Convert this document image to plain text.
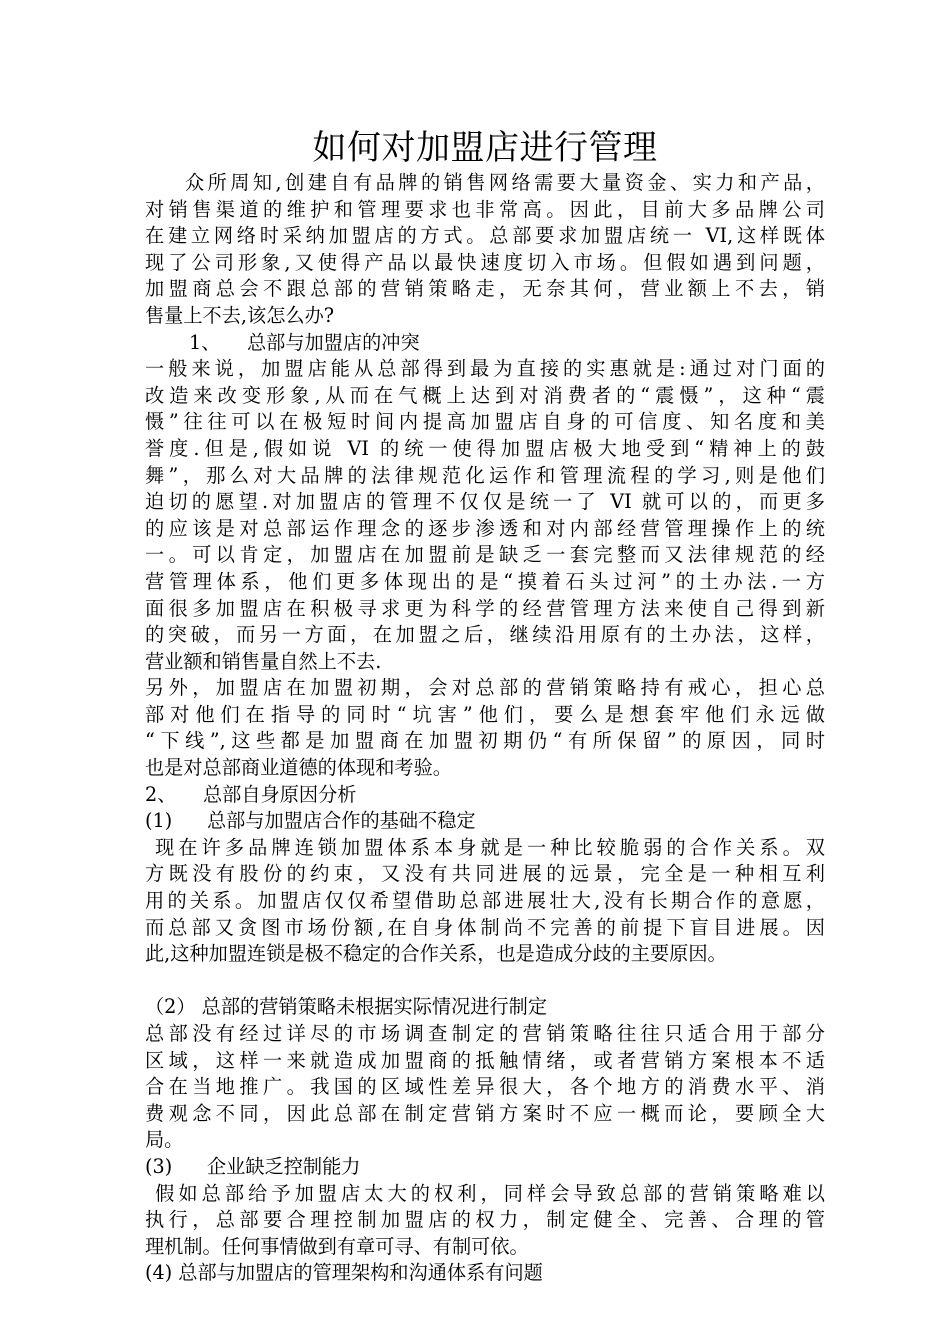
如何对加盟店进行管理
众所周知,创建自有品牌的销售网络需要大量资金、实力和产品，
对销售渠道的维护和管理要求也非常高。因此，目前大多品牌公司
在建立网络时采纳加盟店的方式。总部要求加盟店统一 VI,这样既体
现了公司形象,又使得产品以最快速度切入市场。但假如遇到问题，
加盟商总会不跟总部的营销策略走，无奈其何，营业额上不去，销
售量上不去,该怎么办?
1、 总部与加盟店的冲突
一般来说，加盟店能从总部得到最为直接的实惠就是:通过对门面的
改造来改变形象,从而在气概上达到对消费者的“震慑”，这种“震
慑”往往可以在极短时间内提高加盟店自身的可信度、知名度和美
誉度.但是,假如说 VI 的统一使得加盟店极大地受到“精神上的鼓
舞”，那么对大品牌的法律规范化运作和管理流程的学习,则是他们
迫切的愿望.对加盟店的管理不仅仅是统一了 VI 就可以的，而更多
的应该是对总部运作理念的逐步渗透和对内部经营管理操作上的统
一。可以肯定，加盟店在加盟前是缺乏一套完整而又法律规范的经
营管理体系，他们更多体现出的是“摸着石头过河”的土办法.一方
面很多加盟店在积极寻求更为科学的经营管理方法来使自己得到新
的突破，而另一方面，在加盟之后，继续沿用原有的土办法，这样，
营业额和销售量自然上不去.
另外，加盟店在加盟初期，会对总部的营销策略持有戒心，担心总
部对他们在指导的同时“坑害”他们，要么是想套牢他们永远做
“下线”,这些都是加盟商在加盟初期仍“有所保留”的原因，同时
也是对总部商业道德的体现和考验。
2、 总部自身原因分析
(1) 总部与加盟店合作的基础不稳定
现在许多品牌连锁加盟体系本身就是一种比较脆弱的合作关系。双
方既没有股份的约束，又没有共同进展的远景，完全是一种相互利
用的关系。加盟店仅仅希望借助总部进展壮大,没有长期合作的意愿，
而总部又贪图市场份额,在自身体制尚不完善的前提下盲目进展。因
此,这种加盟连锁是极不稳定的合作关系，也是造成分歧的主要原因。
（2） 总部的营销策略未根据实际情况进行制定
总部没有经过详尽的市场调查制定的营销策略往往只适合用于部分
区域，这样一来就造成加盟商的抵触情绪，或者营销方案根本不适
合在当地推广。我国的区域性差异很大，各个地方的消费水平、消
费观念不同，因此总部在制定营销方案时不应一概而论，要顾全大
局。
(3) 企业缺乏控制能力
假如总部给予加盟店太大的权利，同样会导致总部的营销策略难以
执行，总部要合理控制加盟店的权力，制定健全、完善、合理的管
理机制。任何事情做到有章可寻、有制可依。
(4) 总部与加盟店的管理架构和沟通体系有问题
